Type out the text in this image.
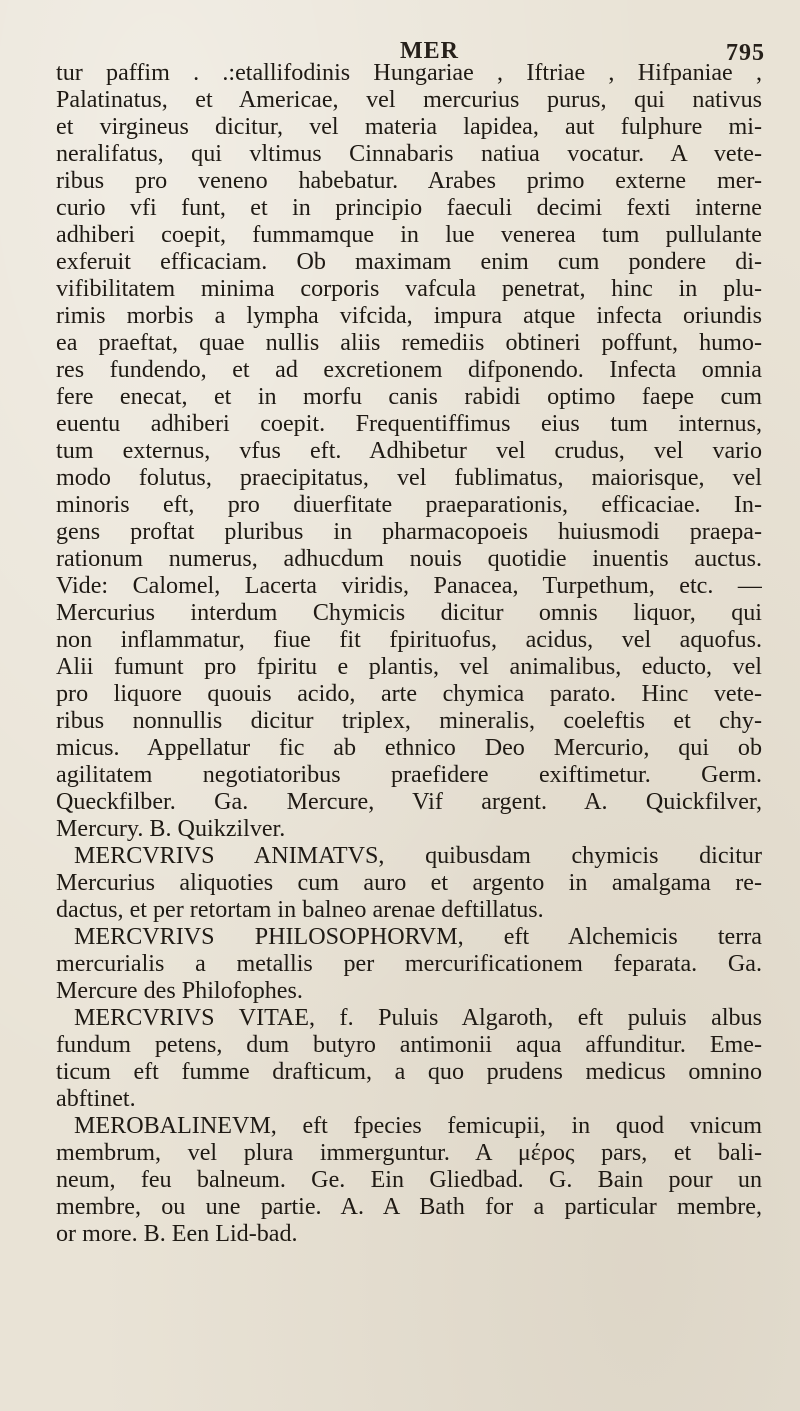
MER	795
tur paffim . .:etallifodinis Hungariae , Iftriae , Hifpaniae ,
Palatinatus, et Americae, vel mercurius purus, qui nativus
et virgineus dicitur, vel materia lapidea, aut fulphure mi-
neralifatus, qui vltimus Cinnabaris natiua vocatur. A vete-
ribus pro veneno habebatur. Arabes primo externe mer-
curio vfi funt, et in principio faeculi decimi fexti interne
adhiberi coepit, fummamque in lue venerea tum pullulante
exferuit efficaciam. Ob maximam enim cum pondere di-
vifibilitatem minima corporis vafcula penetrat, hinc in plu-
rimis morbis a lympha vifcida, impura atque infecta oriundis
ea praeftat, quae nullis aliis remediis obtineri poffunt, humo-
res fundendo, et ad excretionem difponendo. Infecta omnia
fere enecat, et in morfu canis rabidi optimo faepe cum
euentu adhiberi coepit. Frequentiffimus eius tum internus,
tum externus, vfus eft. Adhibetur vel crudus, vel vario
modo folutus, praecipitatus, vel fublimatus, maiorisque, vel
minoris eft, pro diuerfitate praeparationis, efficaciae. In-
gens proftat pluribus in pharmacopoeis huiusmodi praepa-
rationum numerus, adhucdum nouis quotidie inuentis auctus.
Vide: Calomel, Lacerta viridis, Panacea, Turpethum, etc. —
Mercurius interdum Chymicis dicitur omnis liquor, qui
non inflammatur, fiue fit fpirituofus, acidus, vel aquofus.
Alii fumunt pro fpiritu e plantis, vel animalibus, educto, vel
pro liquore quouis acido, arte chymica parato. Hinc vete-
ribus nonnullis dicitur triplex, mineralis, coeleftis et chy-
micus. Appellatur fic ab ethnico Deo Mercurio, qui ob
agilitatem negotiatoribus praefidere exiftimetur. Germ.
Queckfilber. Ga. Mercure, Vif argent. A. Quickfilver,
Mercury. B. Quikzilver.
MERCVRIVS ANIMATVS, quibusdam chymicis dicitur
Mercurius aliquoties cum auro et argento in amalgama re-
dactus, et per retortam in balneo arenae deftillatus.
MERCVRIVS PHILOSOPHORVM, eft Alchemicis terra
mercurialis a metallis per mercurificationem feparata. Ga.
Mercure des Philofophes.
MERCVRIVS VITAE, f. Puluis Algaroth, eft puluis albus
fundum petens, dum butyro antimonii aqua affunditur. Eme-
ticum eft fumme drafticum, a quo prudens medicus omnino
abftinet.
MEROBALINEVM, eft fpecies femicupii, in quod vnicum
membrum, vel plura immerguntur. A μέρος pars, et bali-
neum, feu balneum. Ge. Ein Gliedbad. G. Bain pour un
membre, ou une partie. A. A Bath for a particular membre,
or more. B. Een Lid-bad.
